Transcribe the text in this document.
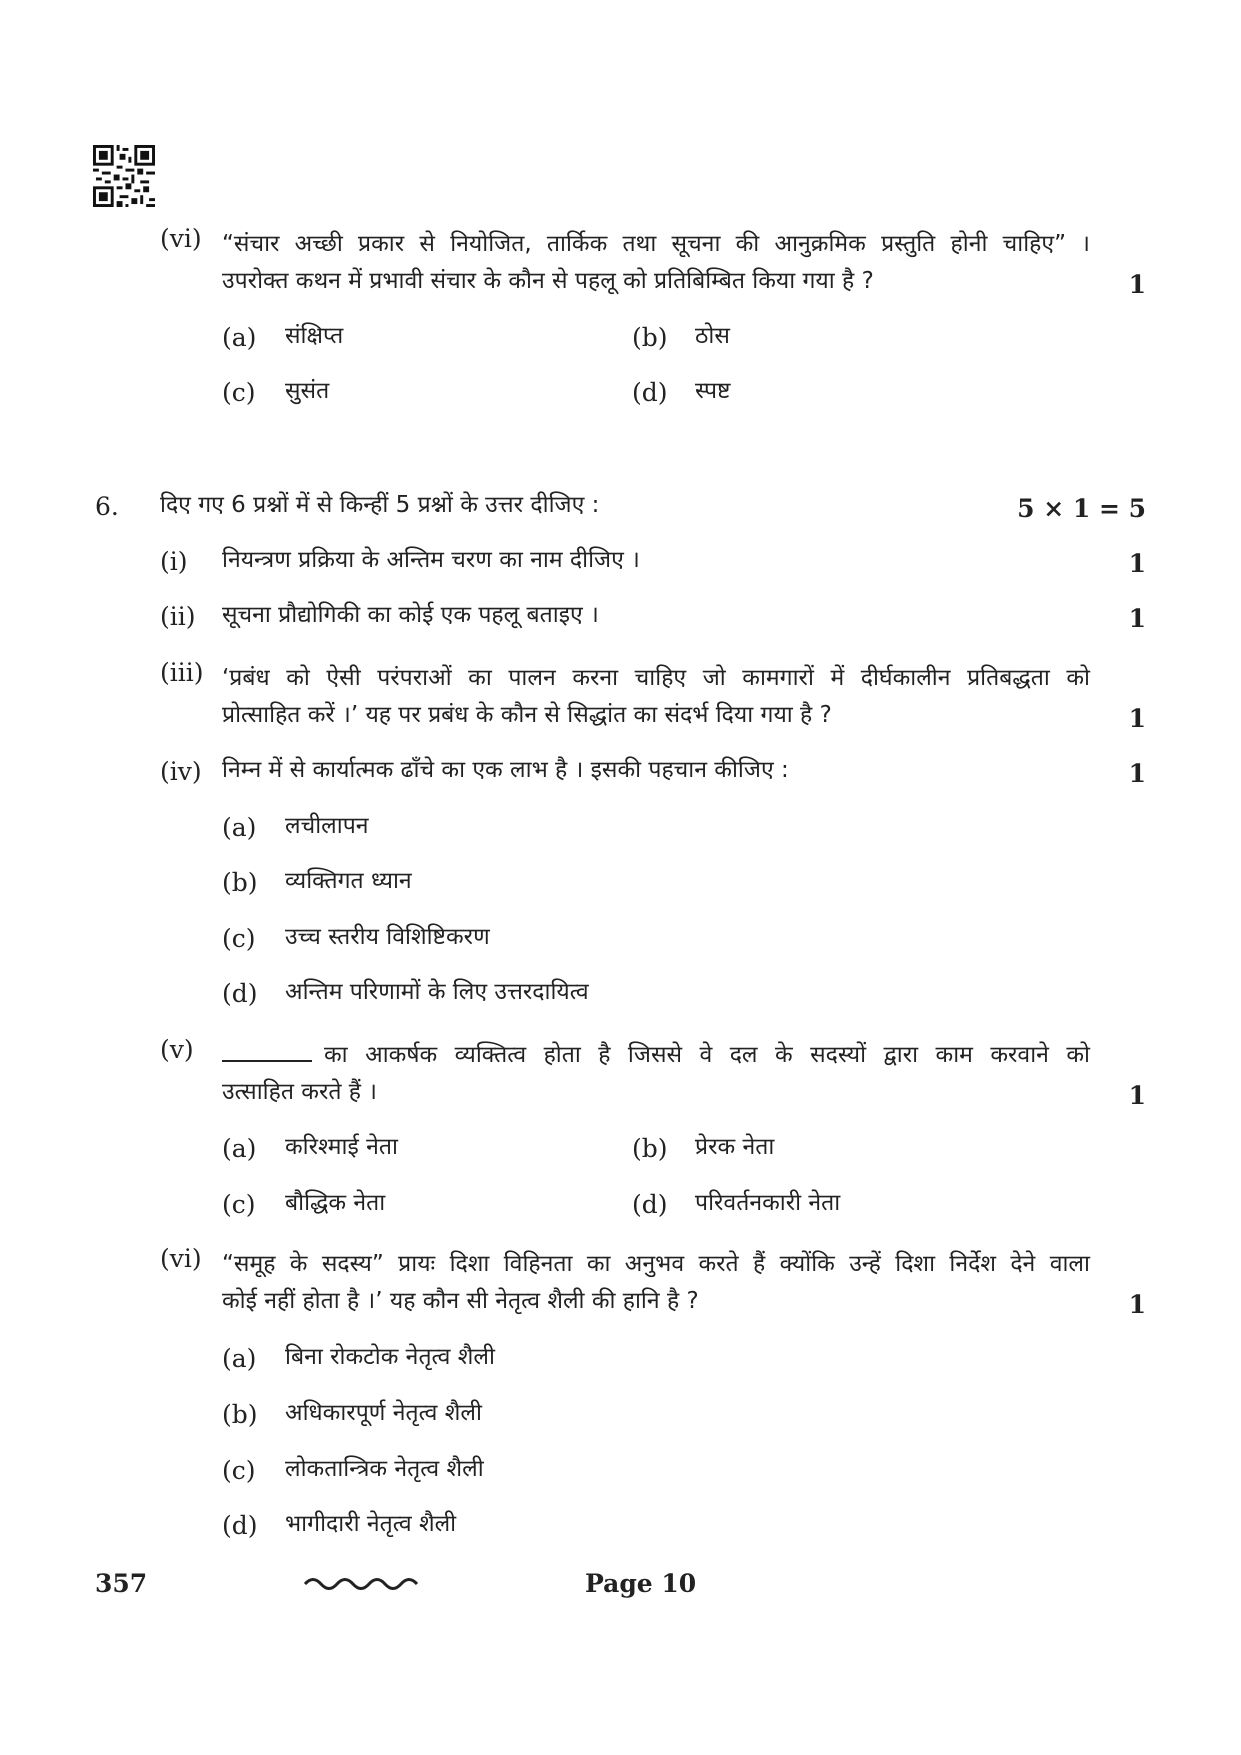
(vi) “संचार अच्छी प्रकार से नियोजित, तार्किक तथा सूचना की आनुक्रमिक प्रस्तुति होनी चाहिए” ।
उपरोक्त कथन में प्रभावी संचार के कौन से पहलू को प्रतिबिम्बित किया गया है ?	1
(a) संक्षिप्त	(b) ठोस
(c) सुसंत	(d) स्पष्ट
6. दिए गए 6 प्रश्नों में से किन्हीं 5 प्रश्नों के उत्तर दीजिए :	5 × 1 = 5
(i) नियन्त्रण प्रक्रिया के अन्तिम चरण का नाम दीजिए ।	1
(ii) सूचना प्रौद्योगिकी का कोई एक पहलू बताइए ।	1
(iii) ‘प्रबंध को ऐसी परंपराओं का पालन करना चाहिए जो कामगारों में दीर्घकालीन प्रतिबद्धता को
प्रोत्साहित करें ।’ यह पर प्रबंध के कौन से सिद्धांत का संदर्भ दिया गया है ?	1
(iv) निम्न में से कार्यात्मक ढाँचे का एक लाभ है । इसकी पहचान कीजिए :	1
(a) लचीलापन
(b) व्यक्तिगत ध्यान
(c) उच्च स्तरीय विशिष्टिकरण
(d) अन्तिम परिणामों के लिए उत्तरदायित्व
(v)	का आकर्षक व्यक्तित्व होता है जिससे वे दल के सदस्यों द्वारा काम करवाने को
उत्साहित करते हैं ।	1
(a) करिश्माई नेता	(b) प्रेरक नेता
(c) बौद्धिक नेता	(d) परिवर्तनकारी नेता
(vi) “समूह के सदस्य” प्रायः दिशा विहिनता का अनुभव करते हैं क्योंकि उन्हें दिशा निर्देश देने वाला
कोई नहीं होता है ।’ यह कौन सी नेतृत्व शैली की हानि है ?	1
(a) बिना रोकटोक नेतृत्व शैली
(b) अधिकारपूर्ण नेतृत्व शैली
(c) लोकतान्त्रिक नेतृत्व शैली
(d) भागीदारी नेतृत्व शैली
357	Page 10
